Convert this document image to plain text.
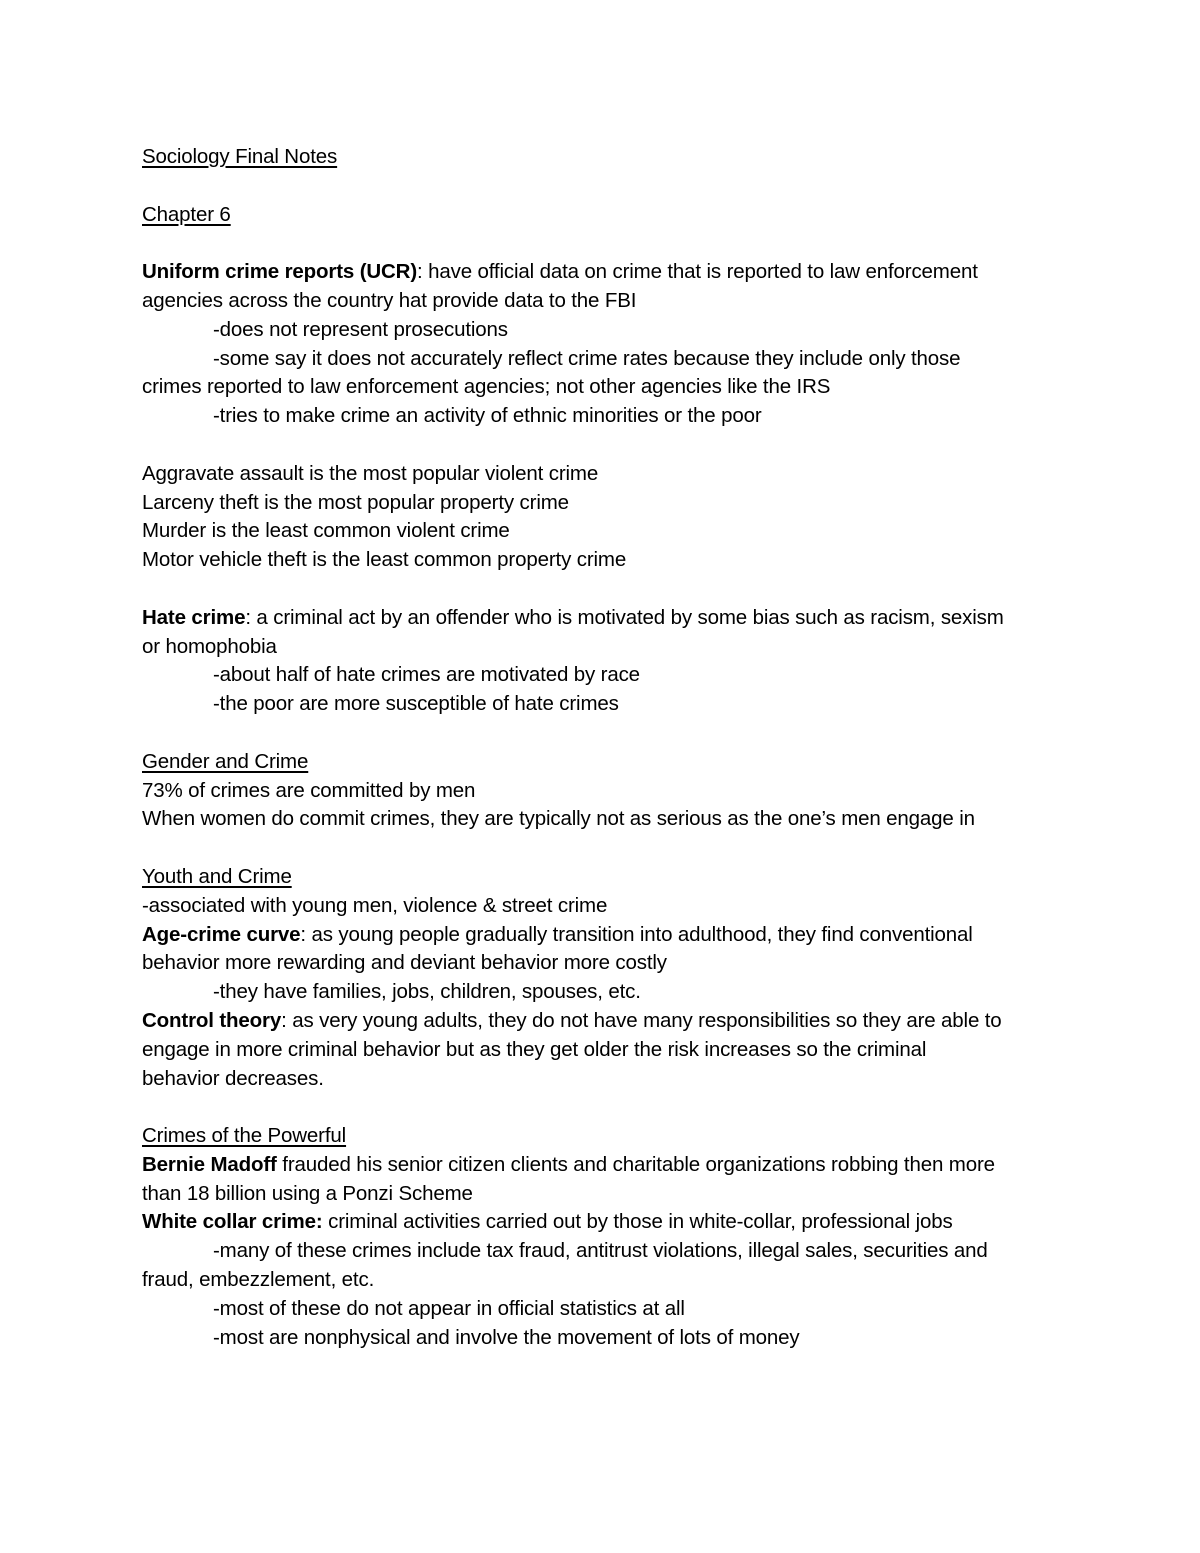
Sociology Final Notes
Chapter 6
Uniform crime reports (UCR): have official data on crime that is reported to law enforcement
agencies across the country hat provide data to the FBI
-does not represent prosecutions
-some say it does not accurately reflect crime rates because they include only those
crimes reported to law enforcement agencies; not other agencies like the IRS
-tries to make crime an activity of ethnic minorities or the poor
Aggravate assault is the most popular violent crime
Larceny theft is the most popular property crime
Murder is the least common violent crime
Motor vehicle theft is the least common property crime
Hate crime: a criminal act by an offender who is motivated by some bias such as racism, sexism
or homophobia
-about half of hate crimes are motivated by race
-the poor are more susceptible of hate crimes
Gender and Crime
73% of crimes are committed by men
When women do commit crimes, they are typically not as serious as the one’s men engage in
Youth and Crime
-associated with young men, violence & street crime
Age-crime curve: as young people gradually transition into adulthood, they find conventional
behavior more rewarding and deviant behavior more costly
-they have families, jobs, children, spouses, etc.
Control theory: as very young adults, they do not have many responsibilities so they are able to
engage in more criminal behavior but as they get older the risk increases so the criminal
behavior decreases.
Crimes of the Powerful
Bernie Madoff frauded his senior citizen clients and charitable organizations robbing then more
than 18 billion using a Ponzi Scheme
White collar crime: criminal activities carried out by those in white-collar, professional jobs
-many of these crimes include tax fraud, antitrust violations, illegal sales, securities and
fraud, embezzlement, etc.
-most of these do not appear in official statistics at all
-most are nonphysical and involve the movement of lots of money
